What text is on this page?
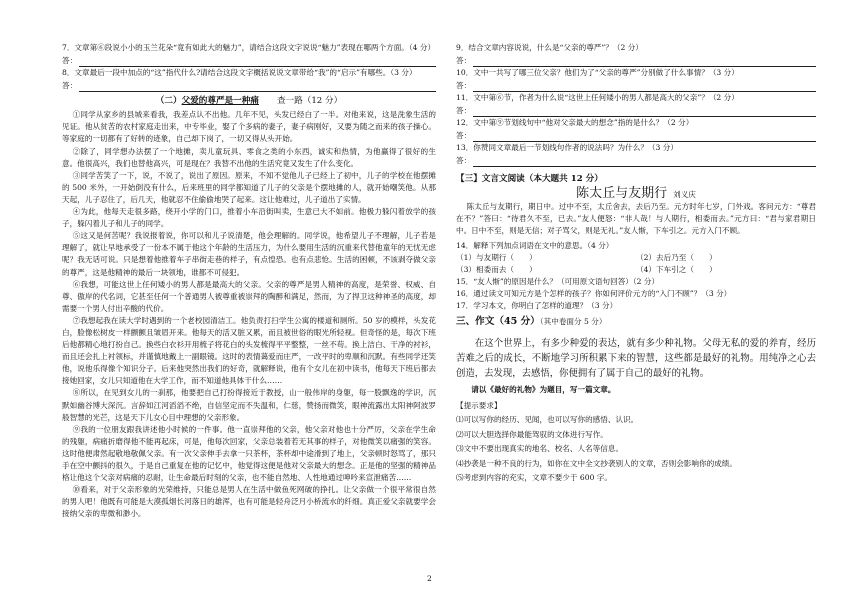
7．文章第⑥段说小小的玉兰花朵“竟有如此大的魅力”，请结合这段文字说说“魅力”表现在哪两个方面。（4 分）
答：
8．文章最后一段中加点的“这”指代什么?请结合这段文字概括说说文章带给“我”的“启示”有哪些。（3 分）
答：
（二）父爱的尊严是一种痛 查一路（12 分）
①同学从家乡的县城来看我，我差点认不出他。几年不见，头发已经白了一半。对他来说，这是洗象生活的见证。他从贫苦的农村家庭走出来，中专毕业，娶了个多病的妻子，妻子病刚好，又要为随之而来的孩子操心。等家庭的一切都有了好转的迹象，自己却下岗了，一切又得从头开始。
②除了，同学想办法摆了一个地摊，卖儿童玩具、零食之类的小东西，诚实和热情，为他赢得了很好的生意。他很高兴，我们也替他高兴，可是现在？我替不出他的生活究竟又发生了什么变化。
③同学苦笑了一下，说，不说了，说出了原因。原来，不知不觉他儿子已经上了初中，儿子的学校在他摆摊的 500 米外，一开始倒没有什么，后来班里的同学都知道了儿子的父亲是个摆地摊的人，就开始嘲笑他。从那天起，儿子忍住了，后几天，他就忍不住偷偷地哭了起来。这让他难过，儿子道出了实情。
④为此，他每天走很多路，绕开小学的门口，推着小车沿街叫卖，生意已大不如前。他极力躲闪着放学的孩子，躲闪着儿子和儿子的同学。
⑤这又是何苦呢？我说报着说，你可以和儿子说清楚，他会理解的。同学说，他希望儿子不理解，儿子若是理解了，就让早地承受了一份本不属于他这个年龄的生活压力，为什么要用生活的沉重来代替他童年的无忧无虑呢？我无话可说。只是想着他推着车子串街走巷的样子，有点惶恐。也有点悲怆。生活的困顿，不该剥夺做父亲的尊严，这是他精神的最后一块领地，谁都不可侵犯。
⑥我想，可能这世上任何矮小的男人都是最高大的父亲。父亲的尊严是男人精神的高度，是荣誉、权威、自尊、傲岸的代名词，它甚至任何一个普通男人被尊重被崇拜的陶醉和满足，然而，为了捍卫这种神圣的高度，却需要一个男人付出辛酸的代价。
⑦我想起我在读大学时遇到的一个老校园清洁工。他负责打扫学生公寓的楼道和厕所。50 岁的模样，头发花白，脸像松树皮一样颤颤且皱眉开来。他每天的活又脏又累，而且被世俗的眼光所轻视。但奇怪的是，每次下班后他都精心地打扮自己。换些白衣衫开用梳子将花白的头发梳得平平整整，一丝不苟。换上洁白、干净的衬衫，而且还会扎上衬领标，并谨慎地戴上一副眼镜。这时的表情蔼爱而庄严，一改平时的卑顺和沉默。有些同学还笑他，说他乐得像个知识分子。后来他突然出我们的好奇，就解释说，他有个女儿在初中读书，他每天下班后都去接她回家，女儿只知道他在大学工作，而不知道他具体干什么……
⑧所以，在见到女儿的一刹那，他要把自己打扮得接近于教授，山一般伟岸的身躯，每一股飘逸的学识，沉默如幽谷博大深沉。言辞如江河滔滔不绝，自信坚定而不失温和，仁慈，赞扬而微笑，眼神流露出太阳神阿波罗般智慧的光芒，这是天下儿女心目中理想的父亲形象。
⑨我的一位朋友跟我讲述他小时候的一件事。他一直崇拜他的父亲，他父亲对他也十分严厉，父亲在学生命的残躯，病痛折磨得他不能再起床，可是，他每次回家，父亲总装着若无其事的样子，对他微笑以痛强的笑容。这时他便肃然起敬地敬佩父亲。有一次父亲伸手去拿一只茶杯，茶杯却中途滑到了地上，父亲顿时怒骂了，那只手在空中颤抖的很久，于是自己重复在他的记忆中，他觉得这便是他对父亲最大的想念。正是他的坚强的精神品格让他这个父亲对病痛的忍耐，让生命最后时刻的父亲，也不能自然地、人性地通过呻吟来宣泄痛苦……
⑩看来，对于父亲形象的光荣维持，只能总是男人在生活中做鱼死网破的挣扎。让父亲做一个很平常很自然的男人吧！他既有可能是大漠孤烟长河落日的雄浑，也有可能是轻舟泛月小桥流水的纤细。真正爱父亲就要学会接纳父亲的卑微和渺小。
9．结合文章内容说说，什么是“父亲的尊严”？（2 分）
答：
10．文中一共写了哪三位父亲？他们为了“父亲的尊严”分别做了什么事情？（3 分）
答：
11．文中第⑥节，作者为什么说“这世上任何矮小的男人都是高大的父亲”？（2 分）
答：
12．文中第⑨节划线句中“他对父亲最大的想念”指的是什么？（2 分）
答：
13．你赞同文章最后一节划线句作者的说法吗？为什么？（3 分）
答：
【三】文言文阅读（本大题共 12 分）
陈太丘与友期行 刘义庆
陈太丘与友期行，期日中。过中不至，太丘舍去，去后乃至。元方时年七岁，门外戏。客问元方：“尊君在不？”答曰：“待君久不至，已去。”友人便怒：“非人哉！与人期行，相委而去。”元方曰：“君与家君期日中。日中不至，则是无信；对子骂父，则是无礼。”友人惭，下车引之。元方入门不顾。
14．解释下列加点词语在文中的意思。（4 分）
（1）与友期行（　　）	（2）去后乃至（　　）
（3）相委而去（　　）	（4）下车引之（　　）
15．“友人惭”的原因是什么？（可用原文语句回答）（2 分）
16．通过读文可知元方是个怎样的孩子？你如何评价元方的“入门不顾”？（3 分）
17．学习本文，你明白了怎样的道理？（3 分）
三、作文（45 分）（其中卷面分 5 分）
在这个世界上，有多少种爱的表达，就有多少种礼物。父母无私的爱的养育，经历苦难之后的成长，不断地学习所积累下来的智慧，这些都是最好的礼物。用纯净之心去创造，去发现，去感悟，你便拥有了属于自己的最好的礼物。
请以《最好的礼物》为题目，写一篇文章。
【提示要求】
⑴可以写你的经历、见闻，也可以写你的感悟、认识。
⑵可以大胆选择你最能驾驭的文体进行写作。
⑶文中不要出现真实的地名、校名、人名等信息。
⑷抄袭是一种不良的行为，如你在文中全文抄袭别人的文章，否则会影响你的成绩。
⑸考虑到内容的充实，文章不要少于 600 字。
2
